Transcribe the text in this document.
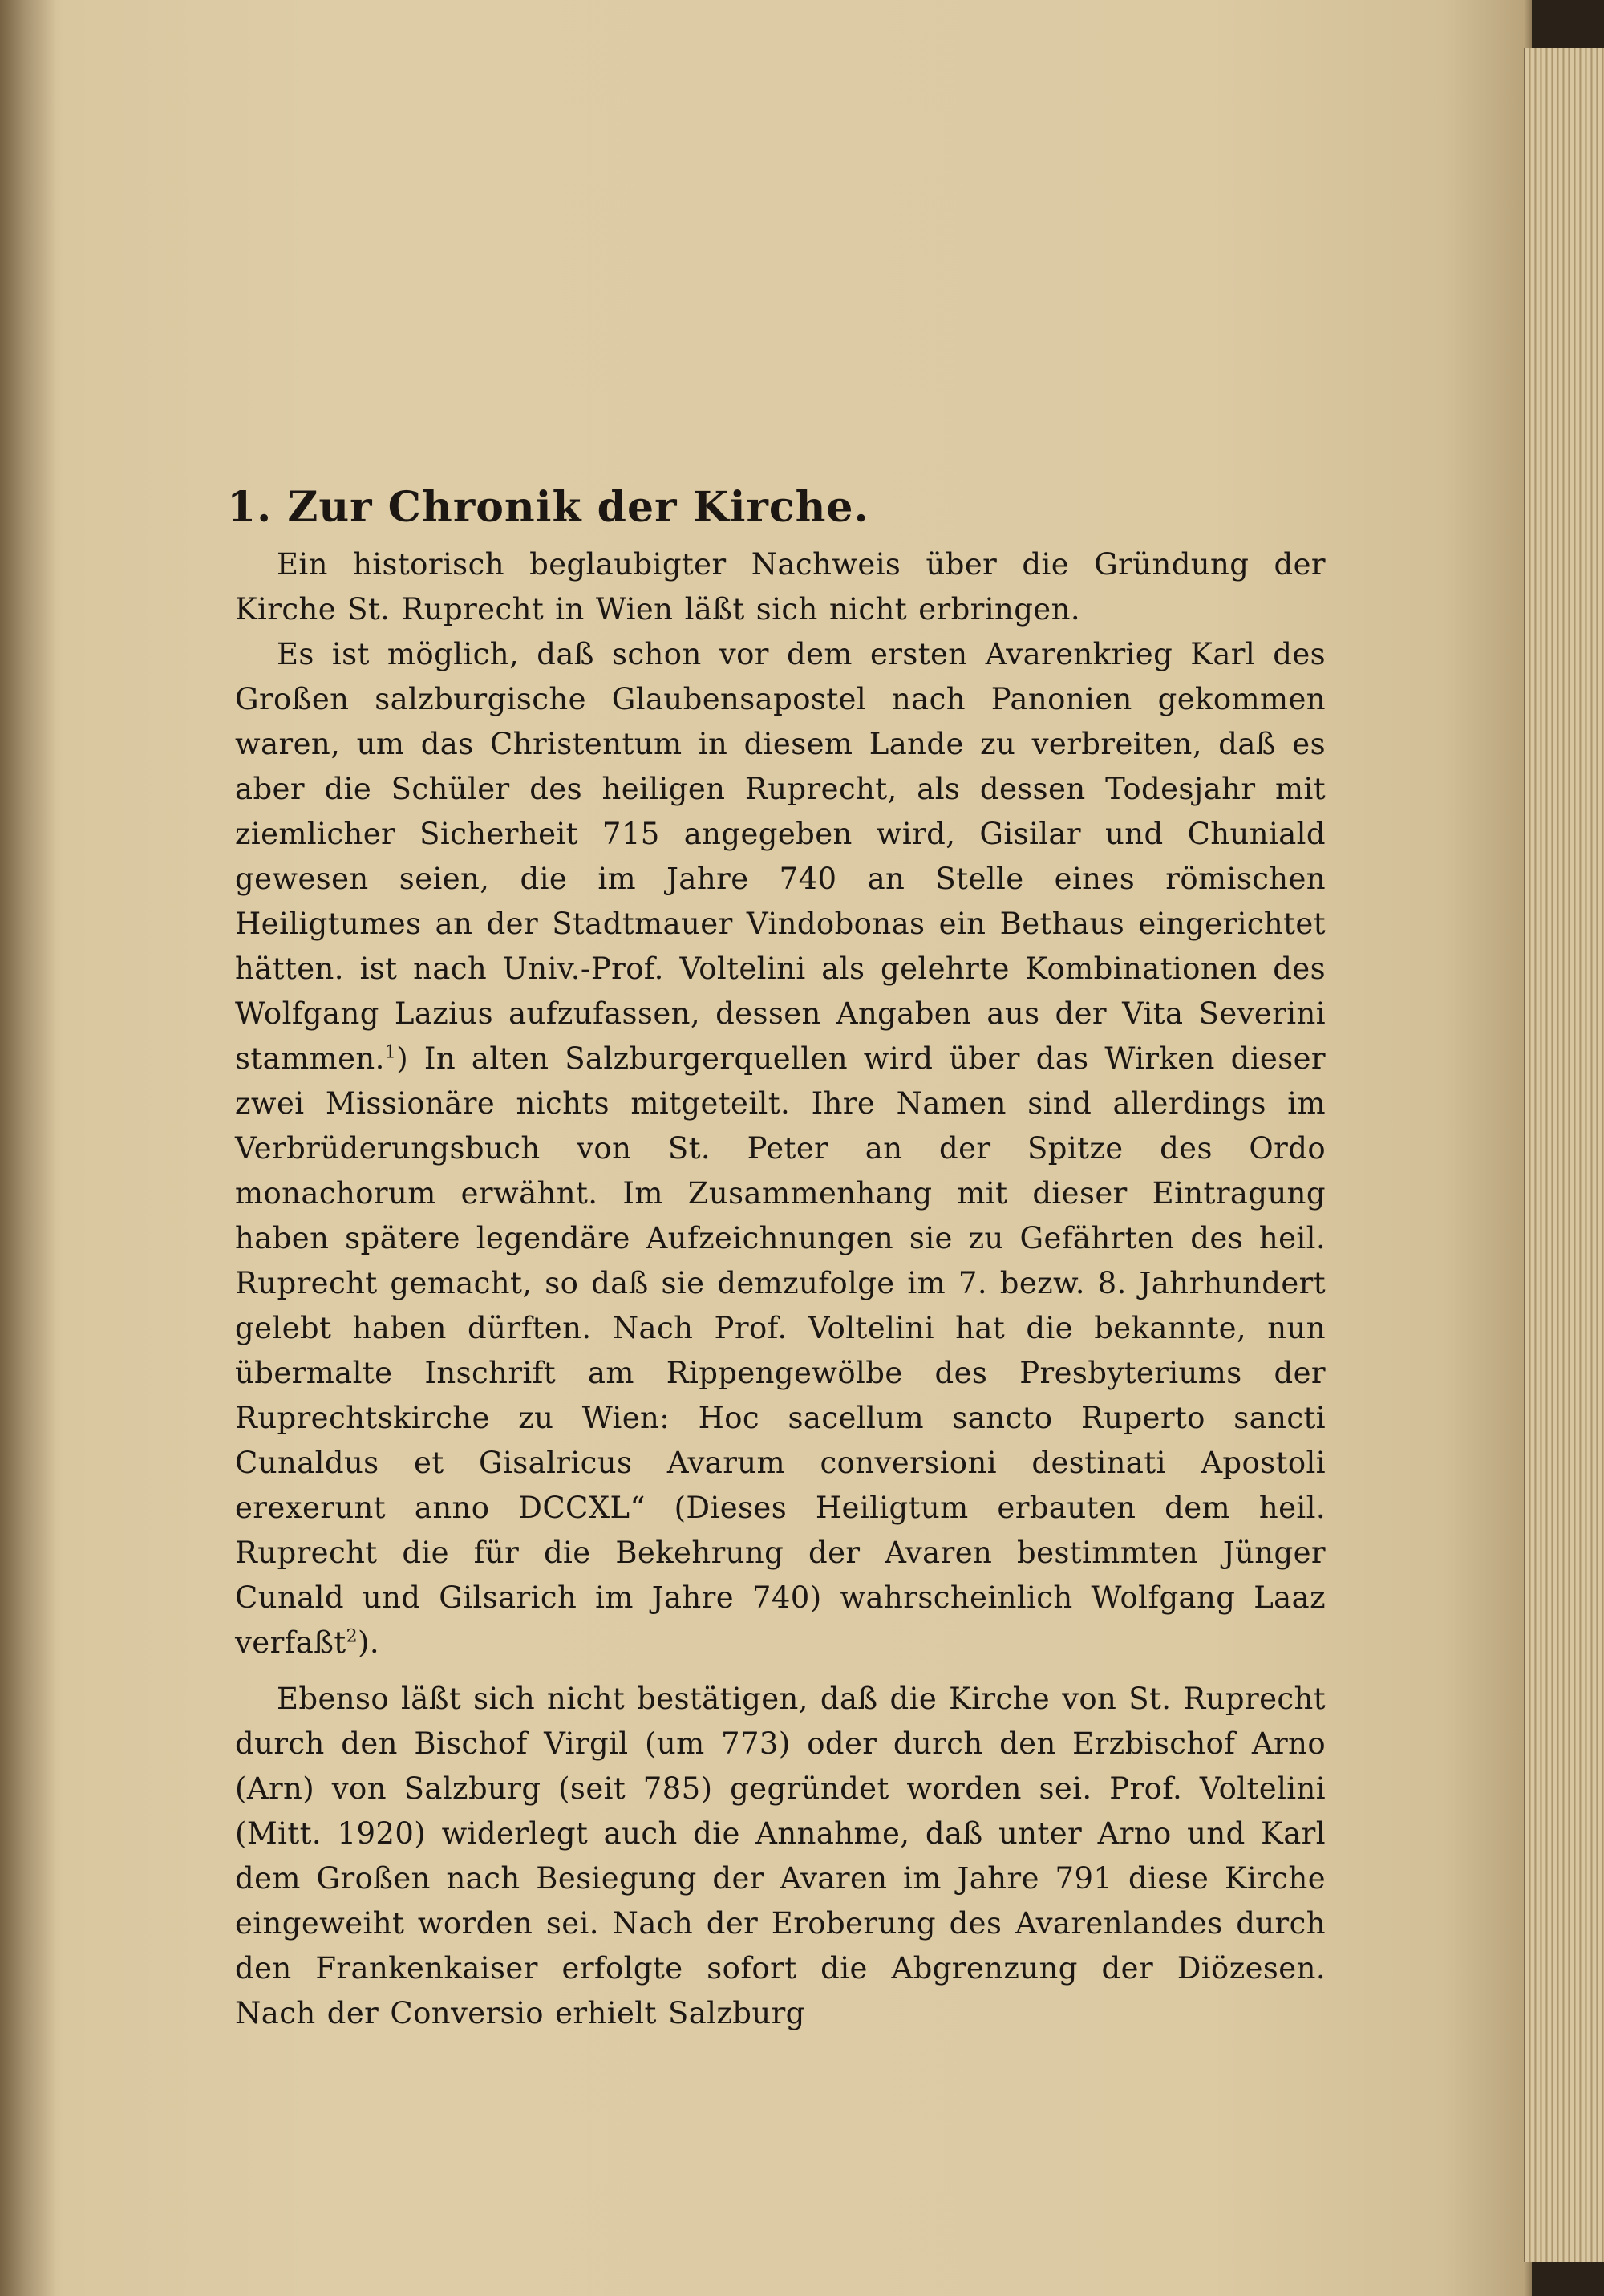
1. Zur Chronik der Kirche.

Ein historisch beglaubigter Nachweis über die Gründung der Kirche St. Ruprecht in Wien läßt sich nicht erbringen.

Es ist möglich, daß schon vor dem ersten Avarenkrieg Karl des Großen salzburgische Glaubensapostel nach Panonien gekommen waren, um das Christentum in diesem Lande zu verbreiten, daß es aber die Schüler des heiligen Ruprecht, als dessen Todesjahr mit ziemlicher Sicherheit 715 angegeben wird, Gisilar und Chuniald gewesen seien, die im Jahre 740 an Stelle eines römischen Heiligtumes an der Stadtmauer Vindobonas ein Bethaus eingerichtet hätten. ist nach Univ.-Prof. Voltelini als gelehrte Kombinationen des Wolfgang Lazius aufzufassen, dessen Angaben aus der Vita Severini stammen.$^1$) In alten Salzburgerquellen wird über das Wirken dieser zwei Missionäre nichts mitgeteilt. Ihre Namen sind allerdings im Verbrüderungsbuch von St. Peter an der Spitze des Ordo monachorum erwähnt. Im Zusammenhang mit dieser Eintragung haben spätere legendäre Aufzeichnungen sie zu Gefährten des heil. Ruprecht gemacht, so daß sie demzufolge im 7. bezw. 8. Jahrhundert gelebt haben dürften. Nach Prof. Voltelini hat die bekannte, nun übermalte Inschrift am Rippengewölbe des Presbyteriums der Ruprechtskirche zu Wien: Hoc sacellum sancto Ruperto sancti Cunaldus et Gisalricus Avarum conversioni destinati Apostoli erexerunt anno DCCXL“ (Dieses Heiligtum erbauten dem heil. Ruprecht die für die Bekehrung der Avaren bestimmten Jünger Cunald und Gilsarich im Jahre 740) wahrscheinlich Wolfgang Laaz verfaßt$^2$).

Ebenso läßt sich nicht bestätigen, daß die Kirche von St. Ruprecht durch den Bischof Virgil (um 773) oder durch den Erzbischof Arno (Arn) von Salzburg (seit 785) gegründet worden sei. Prof. Voltelini (Mitt. 1920) widerlegt auch die Annahme, daß unter Arno und Karl dem Großen nach Besiegung der Avaren im Jahre 791 diese Kirche eingeweiht worden sei. Nach der Eroberung des Avarenlandes durch den Frankenkaiser erfolgte sofort die Abgrenzung der Diözesen. Nach der Conversio erhielt Salzburg
